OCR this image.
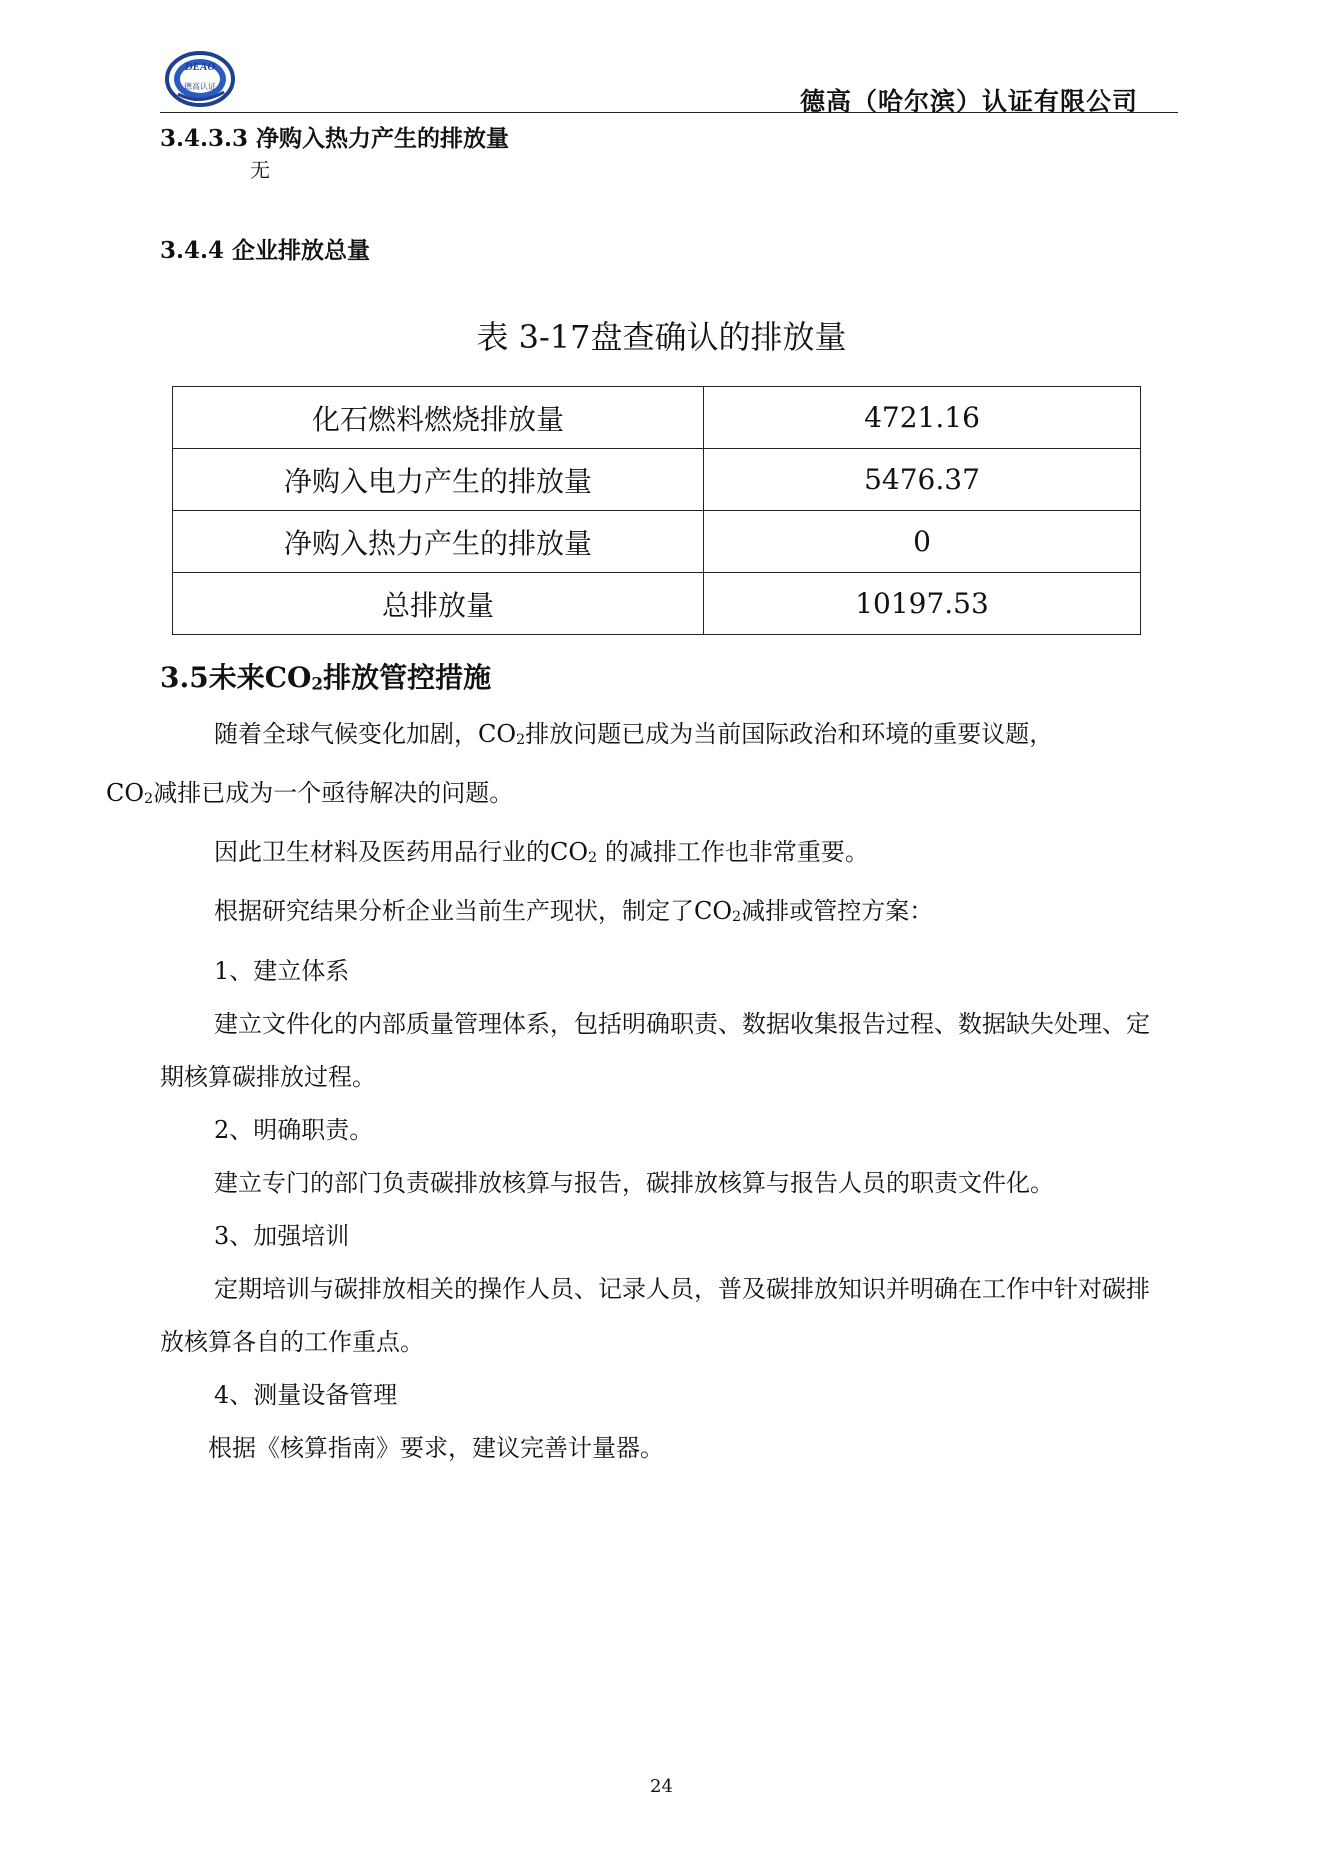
DEAO
德高认证
德高（哈尔滨）认证有限公司
3.4.3.3 净购入热力产生的排放量
无
3.4.4 企业排放总量
表 3-17盘查确认的排放量
化石燃料燃烧排放量	4721.16
净购入电力产生的排放量	5476.37
净购入热力产生的排放量	0
总排放量	10197.53
3.5未来$CO_2$排放管控措施
随着全球气候变化加剧，$CO_2$排放问题已成为当前国际政治和环境的重要议题，
$CO_2$减排已成为一个亟待解决的问题。
因此卫生材料及医药用品行业的$CO_2$ 的减排工作也非常重要。
根据研究结果分析企业当前生产现状，制定了$CO_2$减排或管控方案：
1、建立体系
建立文件化的内部质量管理体系，包括明确职责、数据收集报告过程、数据缺失处理、定期核算碳排放过程。
2、明确职责。
建立专门的部门负责碳排放核算与报告，碳排放核算与报告人员的职责文件化。
3、加强培训
定期培训与碳排放相关的操作人员、记录人员，普及碳排放知识并明确在工作中针对碳排放核算各自的工作重点。
4、测量设备管理
根据《核算指南》要求，建议完善计量器。
24
